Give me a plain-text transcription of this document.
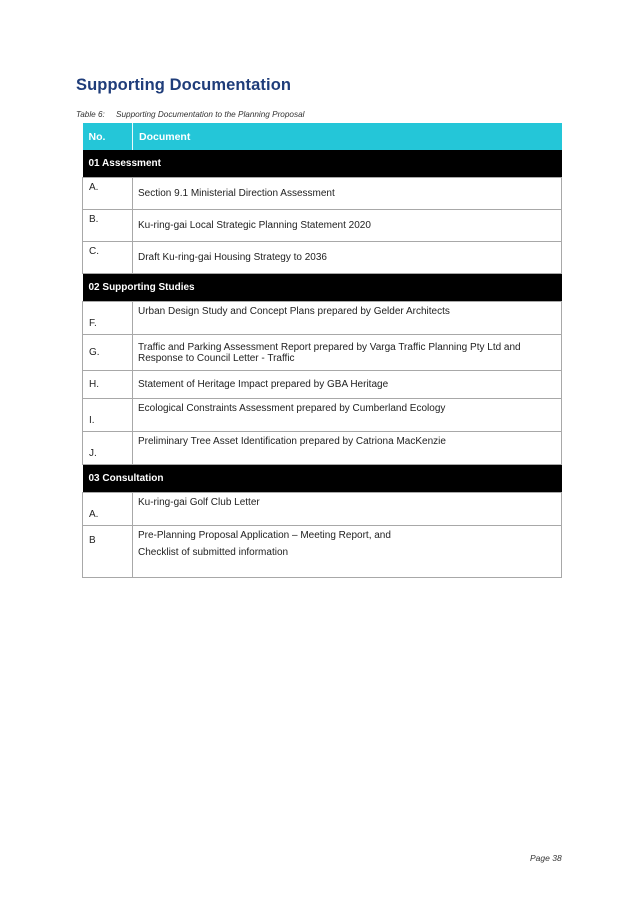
Supporting Documentation
Table 6: Supporting Documentation to the Planning Proposal
No.	Document
01 Assessment	
A.	Section 9.1 Ministerial Direction Assessment
B.	Ku-ring-gai Local Strategic Planning Statement 2020
C.	Draft Ku-ring-gai Housing Strategy to 2036
02 Supporting Studies	
F.	Urban Design Study and Concept Plans prepared by Gelder Architects
G.	Traffic and Parking Assessment Report prepared by Varga Traffic Planning Pty Ltd and Response to Council Letter - Traffic
H.	Statement of Heritage Impact prepared by GBA Heritage
I.	Ecological Constraints Assessment prepared by Cumberland Ecology
J.	Preliminary Tree Asset Identification prepared by Catriona MacKenzie
03 Consultation	
A.	Ku-ring-gai Golf Club Letter
B	Pre-Planning Proposal Application – Meeting Report, and
Checklist of submitted information
Page 38
